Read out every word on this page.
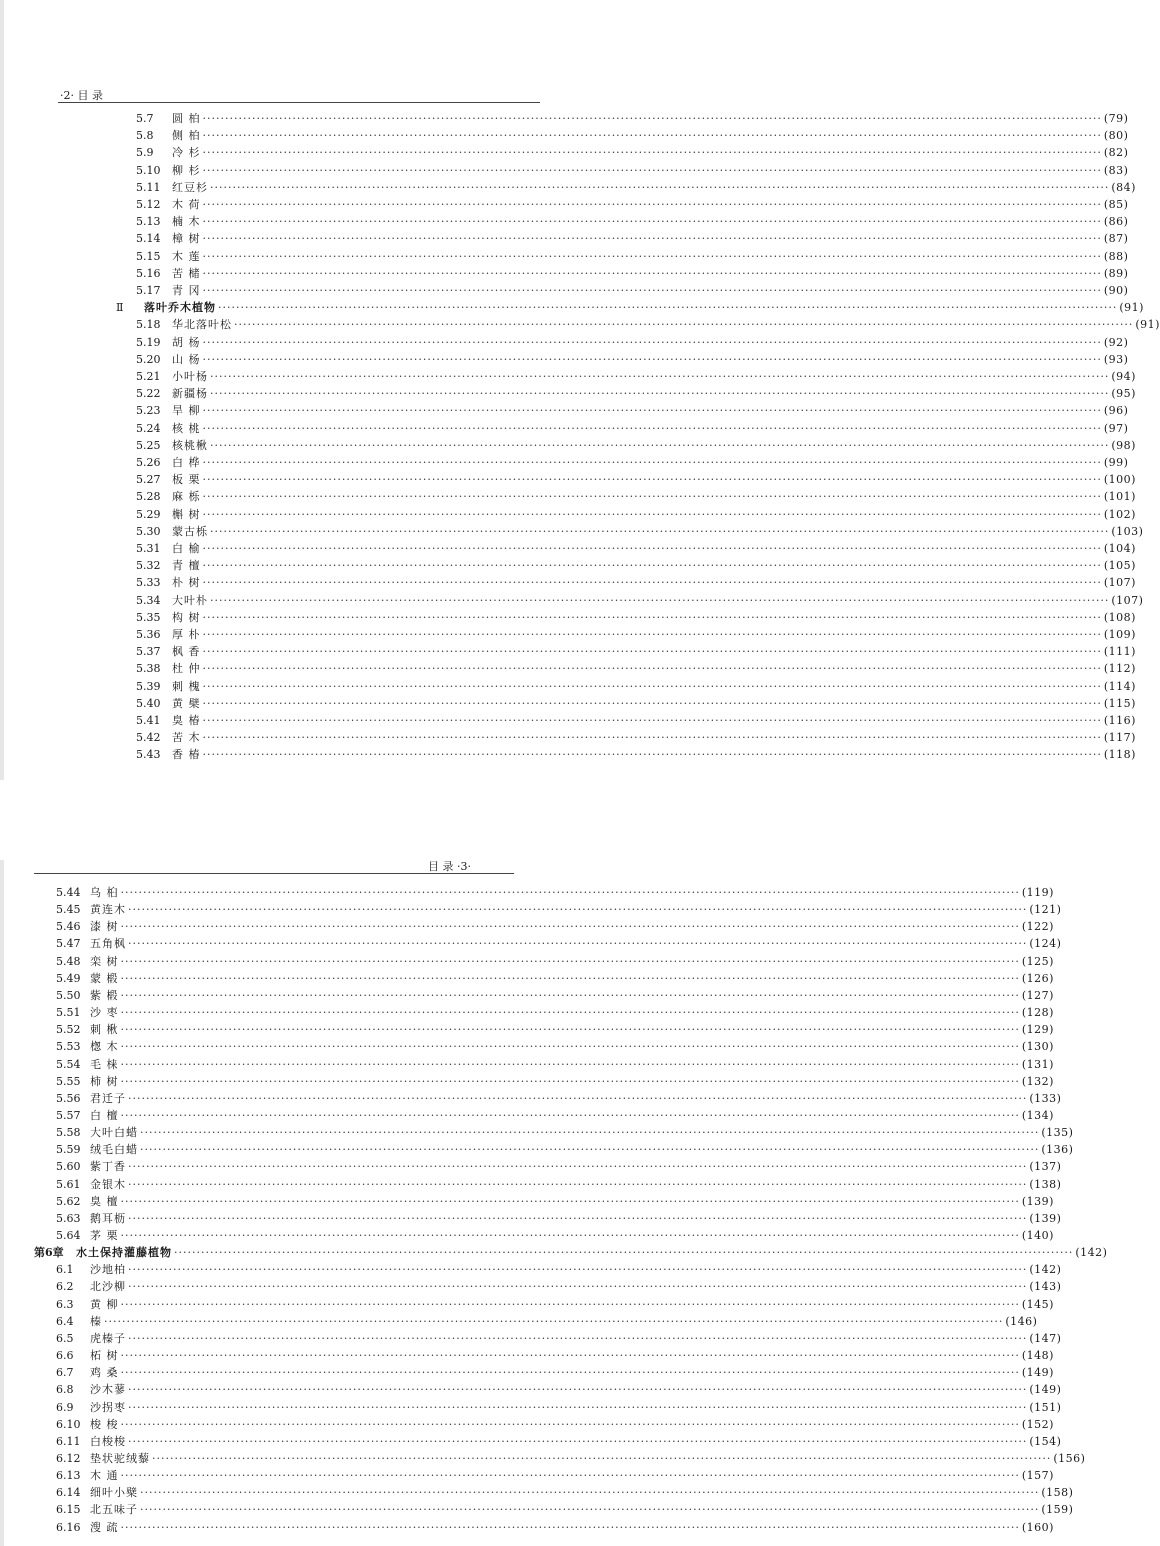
·2· 目 录
5.7	圆 柏 ········································································································································································································ (79)
5.8	侧 柏 ········································································································································································································ (80)
5.9	冷 杉 ········································································································································································································ (82)
5.10	柳 杉 ········································································································································································································ (83)
5.11	红豆杉 ········································································································································································································ (84)
5.12	木 荷 ········································································································································································································ (85)
5.13	楠 木 ········································································································································································································ (86)
5.14	樟 树 ········································································································································································································ (87)
5.15	木 莲 ········································································································································································································ (88)
5.16	苦 槠 ········································································································································································································ (89)
5.17	青 冈 ········································································································································································································ (90)
Ⅱ	落叶乔木植物 ········································································································································································································ (91)
5.18	华北落叶松 ········································································································································································································ (91)
5.19	胡 杨 ········································································································································································································ (92)
5.20	山 杨 ········································································································································································································ (93)
5.21	小叶杨 ········································································································································································································ (94)
5.22	新疆杨 ········································································································································································································ (95)
5.23	旱 柳 ········································································································································································································ (96)
5.24	核 桃 ········································································································································································································ (97)
5.25	核桃楸 ········································································································································································································ (98)
5.26	白 桦 ········································································································································································································ (99)
5.27	板 栗 ········································································································································································································ (100)
5.28	麻 栎 ········································································································································································································ (101)
5.29	槲 树 ········································································································································································································ (102)
5.30	蒙古栎 ········································································································································································································ (103)
5.31	白 榆 ········································································································································································································ (104)
5.32	青 檀 ········································································································································································································ (105)
5.33	朴 树 ········································································································································································································ (107)
5.34	大叶朴 ········································································································································································································ (107)
5.35	构 树 ········································································································································································································ (108)
5.36	厚 朴 ········································································································································································································ (109)
5.37	枫 香 ········································································································································································································ (111)
5.38	杜 仲 ········································································································································································································ (112)
5.39	刺 槐 ········································································································································································································ (114)
5.40	黄 檗 ········································································································································································································ (115)
5.41	臭 椿 ········································································································································································································ (116)
5.42	苦 木 ········································································································································································································ (117)
5.43	香 椿 ········································································································································································································ (118)
目 录 ·3·
5.44 乌 桕 ········································································································································································································ (119)
5.45 黄连木 ········································································································································································································ (121)
5.46 漆 树 ········································································································································································································ (122)
5.47 五角枫 ········································································································································································································ (124)
5.48 栾 树 ········································································································································································································ (125)
5.49 蒙 椴 ········································································································································································································ (126)
5.50 紫 椴 ········································································································································································································ (127)
5.51 沙 枣 ········································································································································································································ (128)
5.52 刺 楸 ········································································································································································································ (129)
5.53 楤 木 ········································································································································································································ (130)
5.54 毛 梾 ········································································································································································································ (131)
5.55 柿 树 ········································································································································································································ (132)
5.56 君迁子 ········································································································································································································ (133)
5.57 白 檀 ········································································································································································································ (134)
5.58 大叶白蜡 ········································································································································································································ (135)
5.59 绒毛白蜡 ········································································································································································································ (136)
5.60 紫丁香 ········································································································································································································ (137)
5.61 金银木 ········································································································································································································ (138)
5.62 臭 檀 ········································································································································································································ (139)
5.63 鹅耳枥 ········································································································································································································ (139)
5.64 茅 栗 ········································································································································································································ (140)
第6章	水土保持灌藤植物 ········································································································································································································ (142)
6.1	沙地柏 ········································································································································································································ (142)
6.2	北沙柳 ········································································································································································································ (143)
6.3	黄 柳 ········································································································································································································ (145)
6.4	榛 ········································································································································································································ (146)
6.5	虎榛子 ········································································································································································································ (147)
6.6	柘 树 ········································································································································································································ (148)
6.7	鸡 桑 ········································································································································································································ (149)
6.8	沙木蓼 ········································································································································································································ (149)
6.9	沙拐枣 ········································································································································································································ (151)
6.10 梭 梭 ········································································································································································································ (152)
6.11 白梭梭 ········································································································································································································ (154)
6.12 垫状驼绒藜 ········································································································································································································ (156)
6.13 木 通 ········································································································································································································ (157)
6.14 细叶小檗 ········································································································································································································ (158)
6.15 北五味子 ········································································································································································································ (159)
6.16 溲 疏 ········································································································································································································ (160)
